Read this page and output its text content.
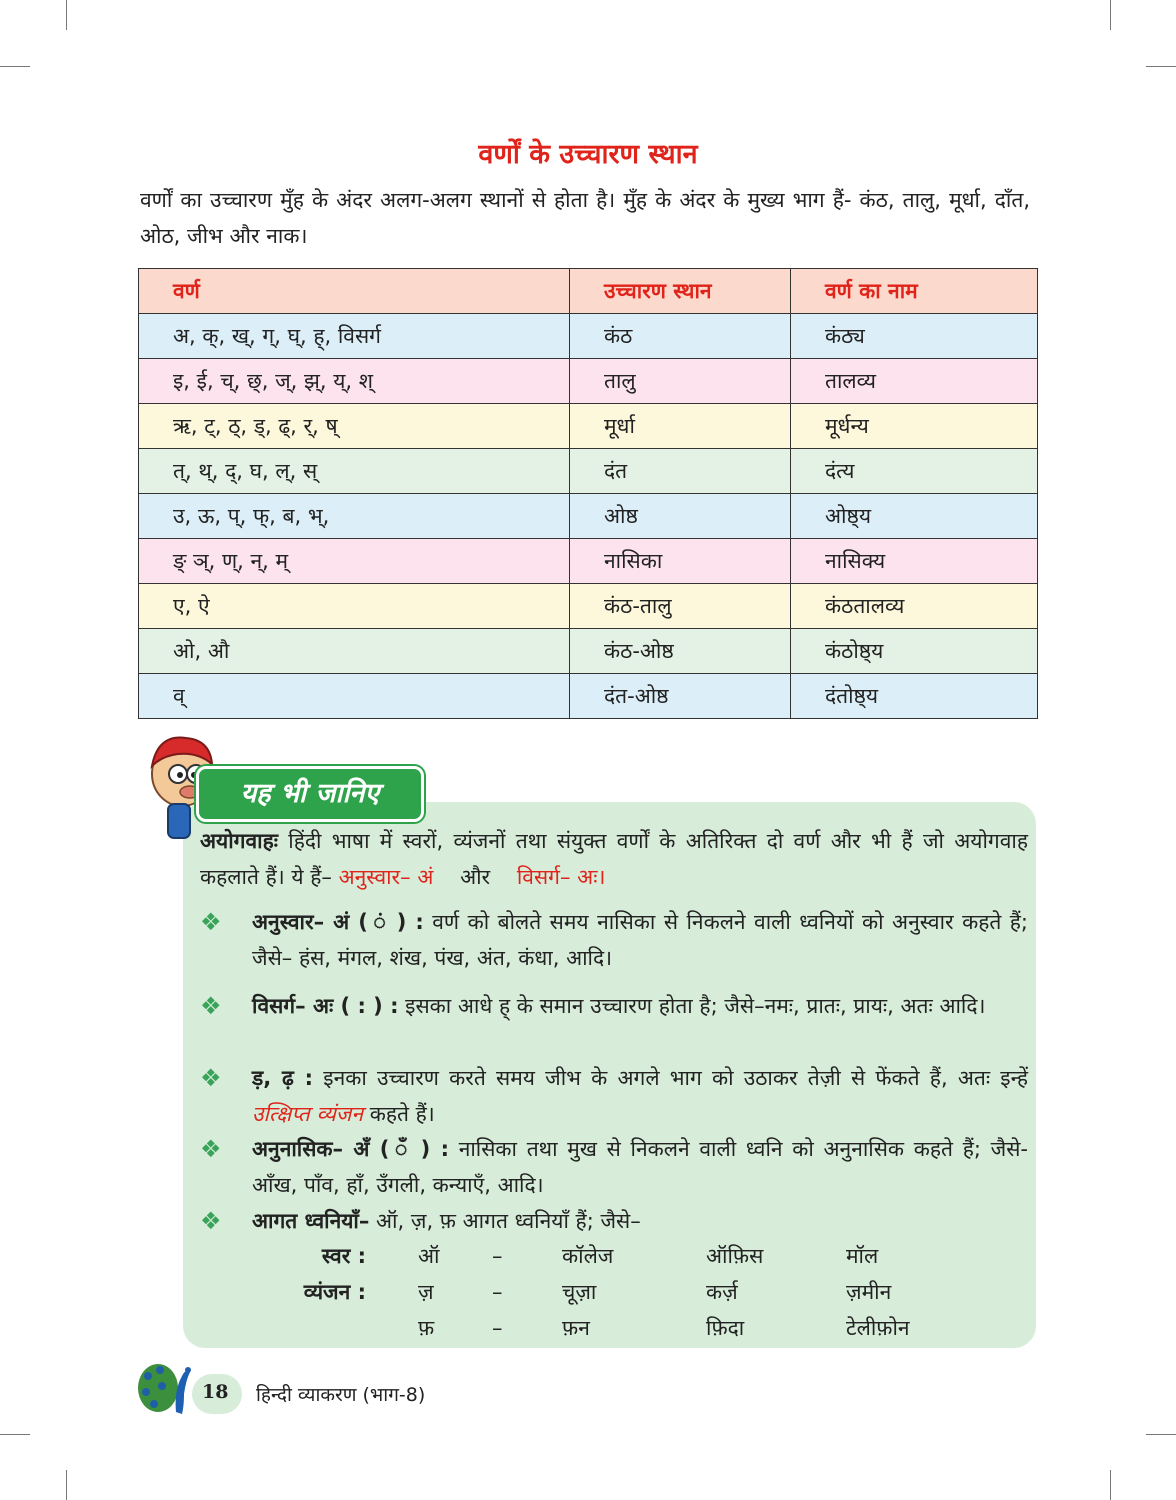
वर्णों के उच्चारण स्थान
वर्णों का उच्चारण मुँह के अंदर अलग-अलग स्थानों से होता है। मुँह के अंदर के मुख्य भाग हैं- कंठ, तालु, मूर्धा, दाँत, ओठ, जीभ और नाक।
वर्ण	उच्चारण स्थान	वर्ण का नाम
अ, क्, ख्, ग्, घ्, ह्, विसर्ग	कंठ	कंठ्य
इ, ई, च्, छ्, ज्, झ्, य्, श्	तालु	तालव्य
ऋ, ट्, ठ्, ड्, ढ्, र्, ष्	मूर्धा	मूर्धन्य
त्, थ्, द्, घ, ल्, स्	दंत	दंत्य
उ, ऊ, प्, फ्, ब, भ्,	ओष्ठ	ओष्ठ्य
ङ्‌ ञ्, ण्, न्, म्	नासिका	नासिक्य
ए, ऐ	कंठ-तालु	कंठतालव्य
ओ, औ	कंठ-ओष्ठ	कंठोष्ठ्य
व्	दंत-ओष्ठ	दंतोष्ठ्य
यह भी जानिए
अयोगवाहः हिंदी भाषा में स्वरों, व्यंजनों तथा संयुक्त वर्णों के अतिरिक्त दो वर्ण और भी हैं जो अयोगवाह कहलाते हैं। ये हैं– अनुस्वार– अं और विसर्ग– अः।
❖ अनुस्वार– अं ( ं ) : वर्ण को बोलते समय नासिका से निकलने वाली ध्वनियों को अनुस्वार कहते हैं; जैसे– हंस, मंगल, शंख, पंख, अंत, कंधा, आदि।
❖ विसर्ग– अः ( : ) : इसका आधे ह् के समान उच्चारण होता है; जैसे–नमः, प्रातः, प्रायः, अतः आदि।
❖ ड़, ढ़ : इनका उच्चारण करते समय जीभ के अगले भाग को उठाकर तेज़ी से फेंकते हैं, अतः इन्हें उत्क्षिप्त व्यंजन कहते हैं।
❖ अनुनासिक– अँ ( ँ ) : नासिका तथा मुख से निकलने वाली ध्वनि को अनुनासिक कहते हैं; जैसे- आँख, पाँव, हाँ, उँगली, कन्याएँ, आदि।
❖ आगत ध्वनियाँ– ऑ, ज़, फ़ आगत ध्वनियाँ हैं; जैसे–
स्वर : ऑ	–	कॉलेज	ऑफ़िस	मॉल
व्यंजन : ज़	–	चूज़ा	कर्ज़	ज़मीन
फ़	–	फ़न	फ़िदा	टेलीफ़ोन
18 हिन्दी व्याकरण (भाग-8)
